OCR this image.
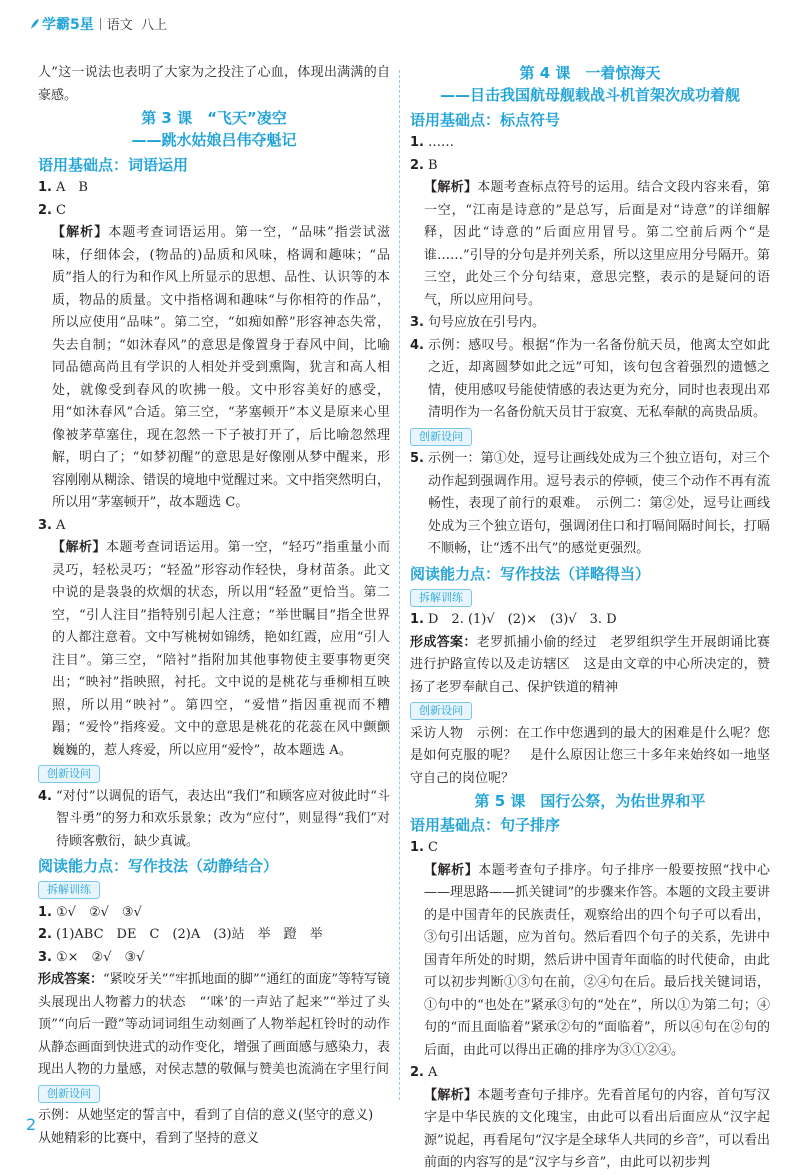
学霸5星 语文 八上
人”这一说法也表明了大家为之投注了心血，体现出满满的自豪感。
第 3 课　“飞天”凌空
——跳水姑娘吕伟夺魁记
语用基础点：词语运用
1. A　B
2. C
【解析】本题考查词语运用。第一空，“品味”指尝试滋味，仔细体会，(物品的)品质和风味，格调和趣味；“品质”指人的行为和作风上所显示的思想、品性、认识等的本质，物品的质量。文中指格调和趣味“与你相符的作品”，所以应使用“品味”。第二空，“如痴如醉”形容神态失常，失去自制；“如沐春风”的意思是像置身于春风中间，比喻同品德高尚且有学识的人相处并受到熏陶，犹言和高人相处，就像受到春风的吹拂一般。文中形容美好的感受，用“如沐春风”合适。第三空，“茅塞顿开”本义是原来心里像被茅草塞住，现在忽然一下子被打开了，后比喻忽然理解，明白了；“如梦初醒”的意思是好像刚从梦中醒来，形容刚刚从糊涂、错误的境地中觉醒过来。文中指突然明白，所以用“茅塞顿开”，故本题选 C。
3. A
【解析】本题考查词语运用。第一空，“轻巧”指重量小而灵巧，轻松灵巧；“轻盈”形容动作轻快，身材苗条。此文中说的是袅袅的炊烟的状态，所以用“轻盈”更恰当。第二空，“引人注目”指特别引起人注意；“举世瞩目”指全世界的人都注意着。文中写桃树如锦绣，艳如红霞，应用“引人注目”。第三空，“陪衬”指附加其他事物使主要事物更突出；“映衬”指映照，衬托。文中说的是桃花与垂柳相互映照，所以用“映衬”。第四空，“爱惜”指因重视而不糟蹋；“爱怜”指疼爱。文中的意思是桃花的花蕊在风中颤颤巍巍的，惹人疼爱，所以应用“爱怜”，故本题选 A。
创新设问
4. “对付”以调侃的语气，表达出“我们”和顾客应对彼此时“斗智斗勇”的努力和欢乐景象；改为“应付”，则显得“我们”对待顾客敷衍，缺少真诚。
阅读能力点：写作技法（动静结合）
拆解训练
1. ①√　②√　③√
2. (1)ABC　DE　C　(2)A　(3)站　举　蹬　举
3. ①×　②√　③√
形成答案：“紧咬牙关”“牢抓地面的脚”“通红的面庞”等特写镜头展现出人物蓄力的状态　“‘咪’的一声站了起来”“举过了头顶”“向后一蹬”等动词词组生动刻画了人物举起杠铃时的动作　从静态画面到快进式的动作变化，增强了画面感与感染力，表现出人物的力量感，对侯志慧的敬佩与赞美也流淌在字里行间
创新设问
示例：从她坚定的誓言中，看到了自信的意义(坚守的意义)
从她精彩的比赛中，看到了坚持的意义
第 4 课　一着惊海天
——目击我国航母舰载战斗机首架次成功着舰
语用基础点：标点符号
1. ……
2. B
【解析】本题考查标点符号的运用。结合文段内容来看，第一空，“江南是诗意的”是总写，后面是对“诗意”的详细解释，因此“诗意的”后面应用冒号。第二空前后两个“是谁……”引导的分句是并列关系，所以这里应用分号隔开。第三空，此处三个分句结束，意思完整，表示的是疑问的语气，所以应用问号。
3. 句号应放在引号内。
4. 示例：感叹号。根据“作为一名备份航天员，他离太空如此之近，却离圆梦如此之远”可知，该句包含着强烈的遗憾之情，使用感叹号能使情感的表达更为充分，同时也表现出邓清明作为一名备份航天员甘于寂寞、无私奉献的高贵品质。
创新设问
5. 示例一：第①处，逗号让画线处成为三个独立语句，对三个动作起到强调作用。逗号表示的停顿，使三个动作不再有流畅性，表现了前行的艰难。　示例二：第②处，逗号让画线处成为三个独立语句，强调闭住口和打嗝间隔时间长，打嗝不顺畅，让“透不出气”的感觉更强烈。
阅读能力点：写作技法（详略得当）
拆解训练
1. D　2. (1)√　(2)×　(3)√　3. D
形成答案：老罗抓捕小偷的经过　老罗组织学生开展朗诵比赛进行护路宣传以及走访辖区　这是由文章的中心所决定的，赞扬了老罗奉献自己、保护铁道的精神
创新设问
采访人物　示例：在工作中您遇到的最大的困难是什么呢？您是如何克服的呢？　是什么原因让您三十多年来始终如一地坚守自己的岗位呢？
第 5 课　国行公祭，为佑世界和平
语用基础点：句子排序
1. C
【解析】本题考查句子排序。句子排序一般要按照“找中心——理思路——抓关键词”的步骤来作答。本题的文段主要讲的是中国青年的民族责任，观察给出的四个句子可以看出，③句引出话题，应为首句。然后看四个句子的关系，先讲中国青年所处的时期，然后讲中国青年面临的时代使命，由此可以初步判断①③句在前，②④句在后。最后找关键词语，①句中的“也处在”紧承③句的“处在”，所以①为第二句；④句的“而且面临着”紧承②句的“面临着”，所以④句在②句的后面，由此可以得出正确的排序为③①②④。
2. A
【解析】本题考查句子排序。先看首尾句的内容，首句写汉字是中华民族的文化瑰宝，由此可以看出后面应从“汉字起源”说起，再看尾句“汉字是全球华人共同的乡音”，可以看出前面的内容写的是“汉字与乡音”，由此可以初步判
2
